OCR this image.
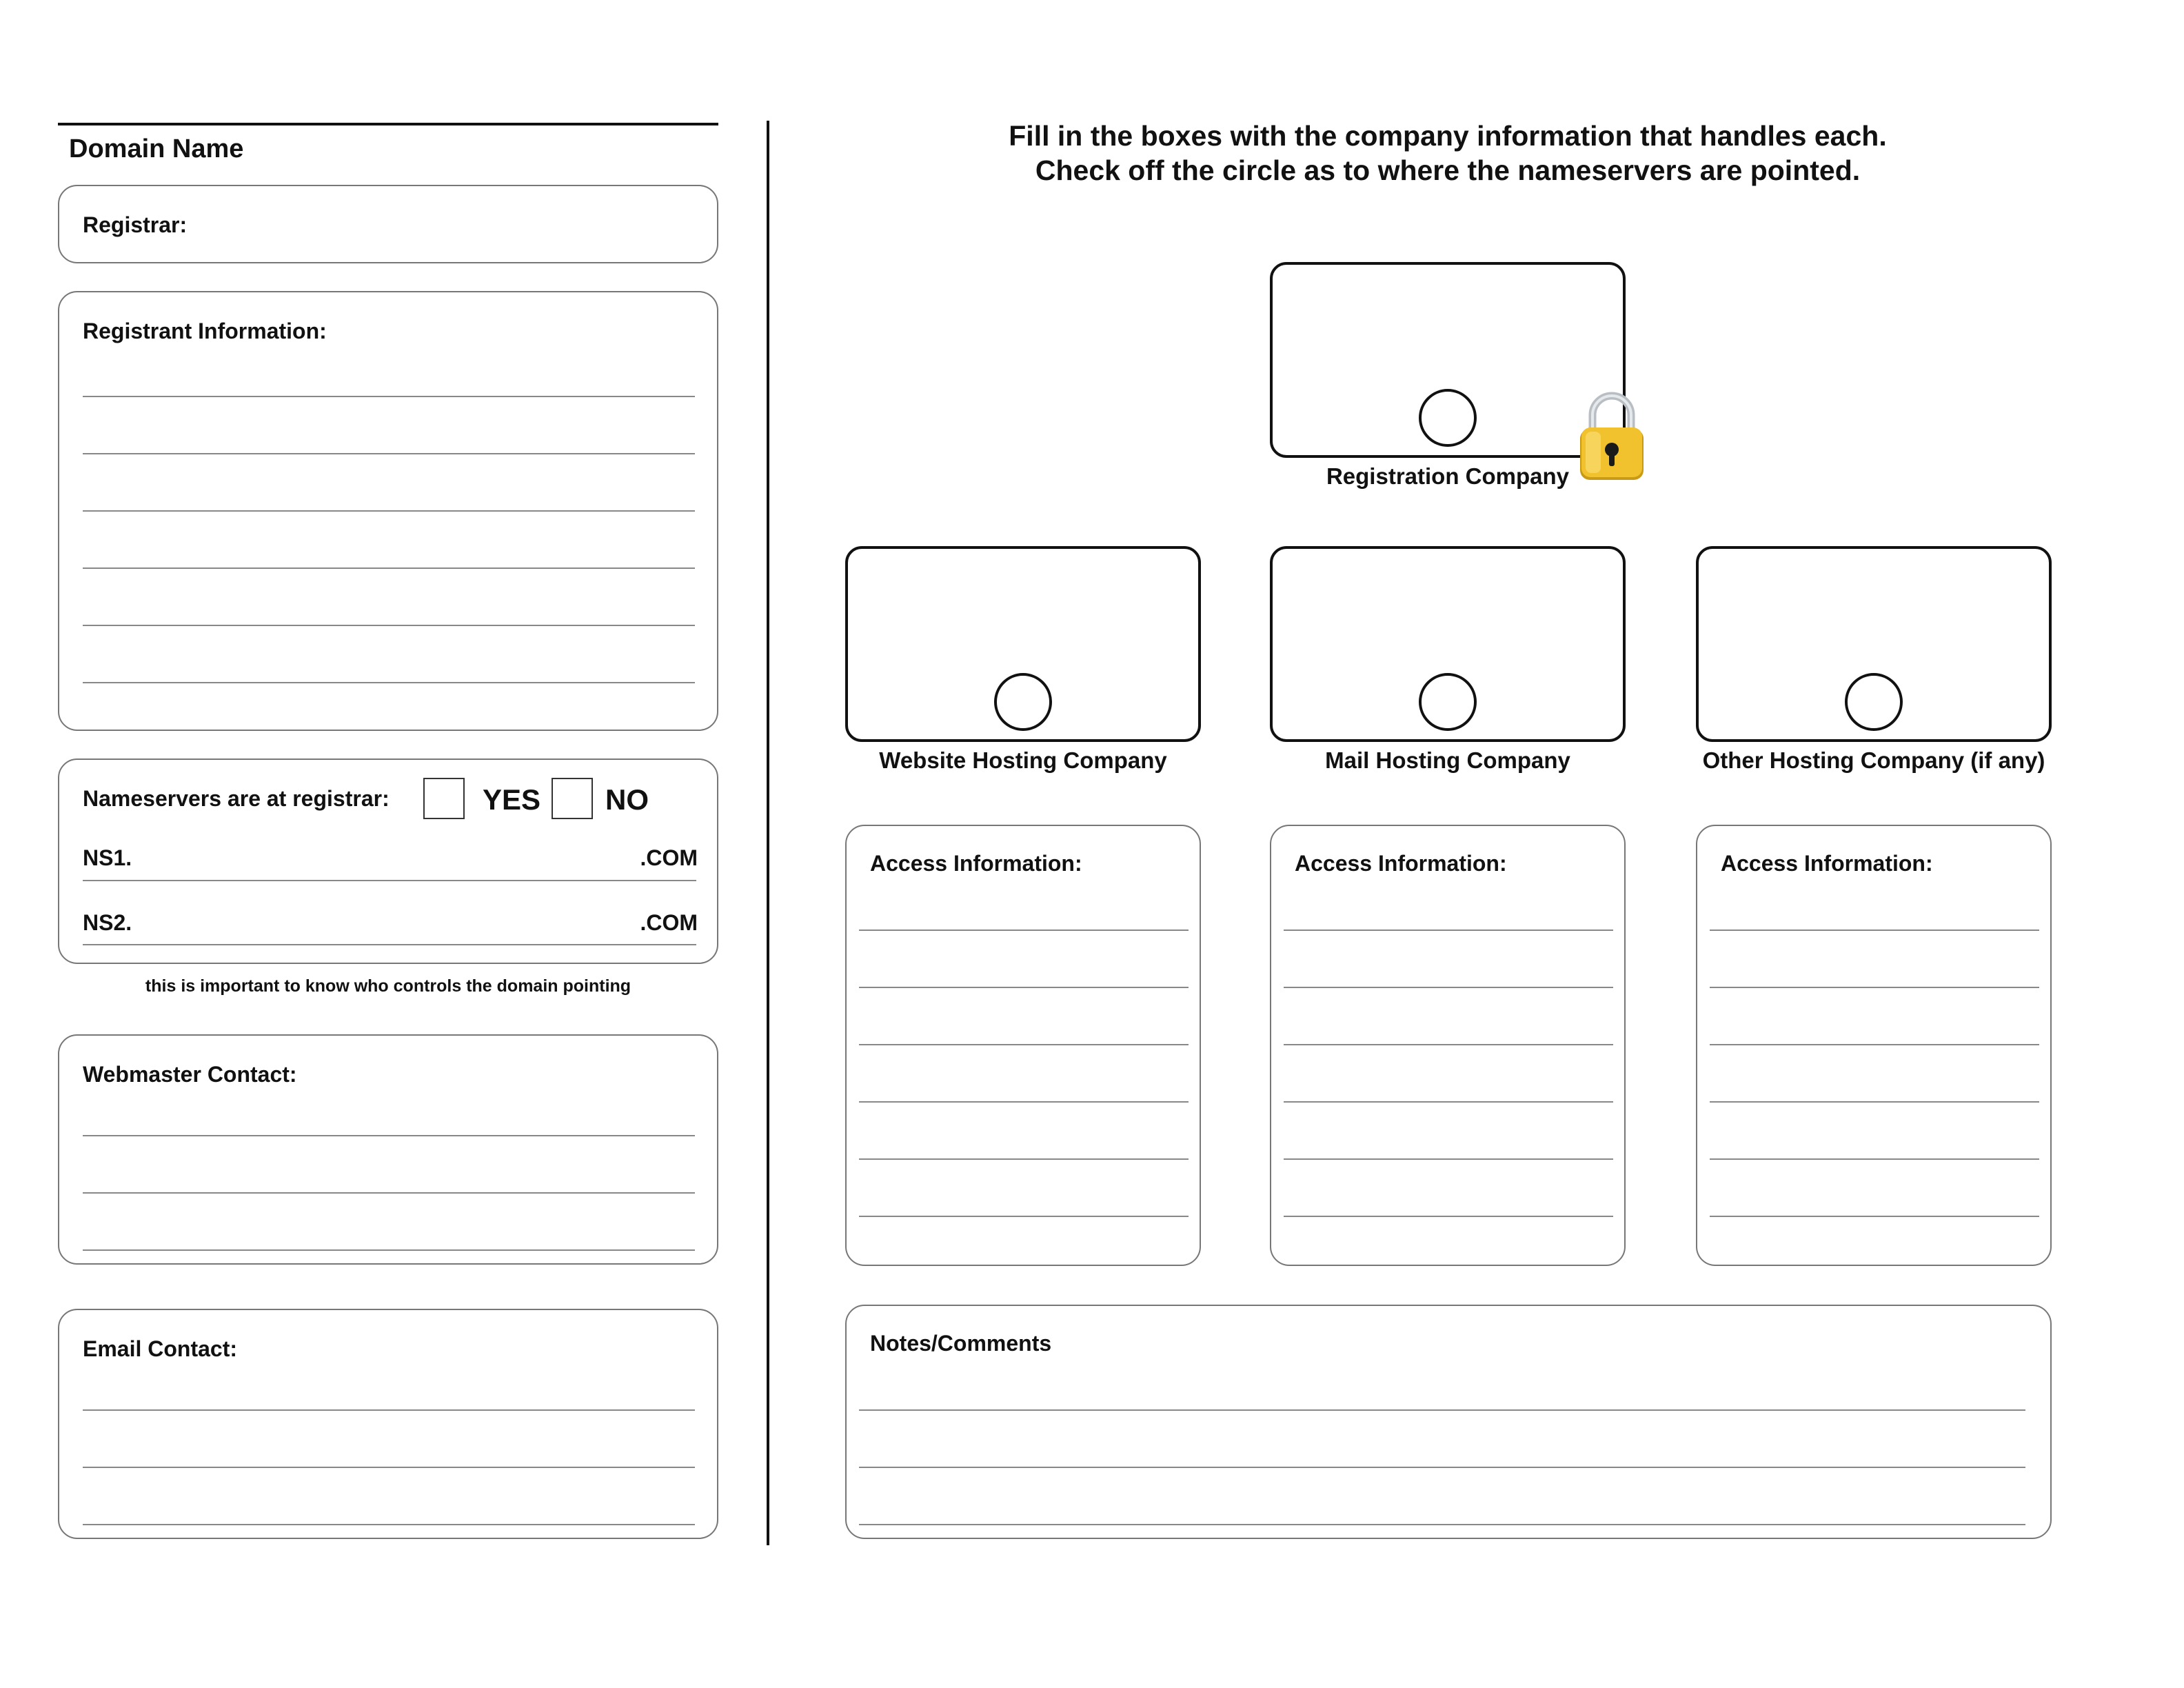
Domain Name
Registrar:
Registrant Information:
Nameservers are at registrar:	YES NO
NS1.	.COM
NS2.	.COM
this is important to know who controls the domain pointing
Webmaster Contact:
Email Contact:
Fill in the boxes with the company information that handles each.
Check off the circle as to where the nameservers are pointed.
Registration Company
Website Hosting Company	Mail Hosting Company	Other Hosting Company (if any)
Access Information:	Access Information:	Access Information:
Notes/Comments
